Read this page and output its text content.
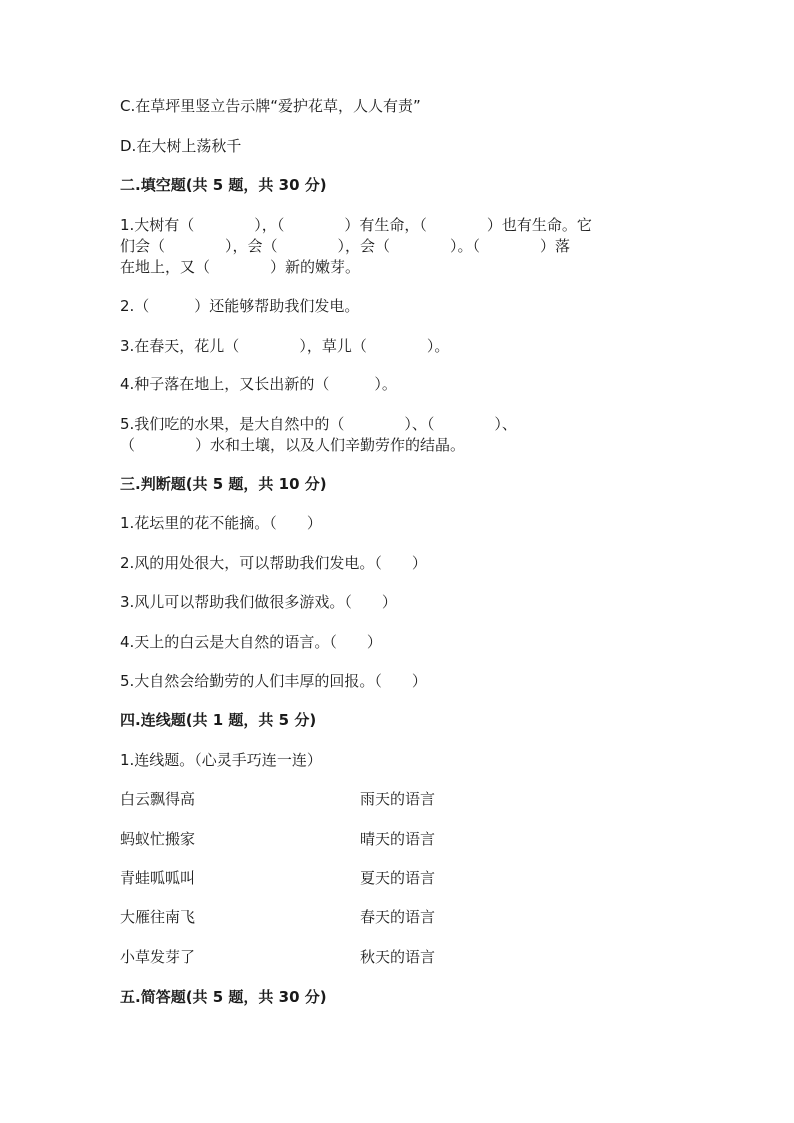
C.在草坪里竖立告示牌“爱护花草，人人有责”
D.在大树上荡秋千
二.填空题(共 5 题，共 30 分)
1.大树有（　　　　），（　　　　）有生命，（　　　　）也有生命。它
们会（　　　　），会（　　　　），会（　　　　）。（　　　　）落
在地上，又（　　　　）新的嫩芽。
2.（　　　）还能够帮助我们发电。
3.在春天，花儿（　　　　），草儿（　　　　）。
4.种子落在地上，又长出新的（　　　）。
5.我们吃的水果，是大自然中的（　　　　）、（　　　　）、
（　　　　）水和土壤，以及人们辛勤劳作的结晶。
三.判断题(共 5 题，共 10 分)
1.花坛里的花不能摘。（　　）
2.风的用处很大，可以帮助我们发电。（　　）
3.风儿可以帮助我们做很多游戏。（　　）
4.天上的白云是大自然的语言。（　　）
5.大自然会给勤劳的人们丰厚的回报。（　　）
四.连线题(共 1 题，共 5 分)
1.连线题。（心灵手巧连一连）
白云飘得高	雨天的语言
蚂蚁忙搬家	晴天的语言
青蛙呱呱叫	夏天的语言
大雁往南飞	春天的语言
小草发芽了	秋天的语言
五.简答题(共 5 题，共 30 分)
